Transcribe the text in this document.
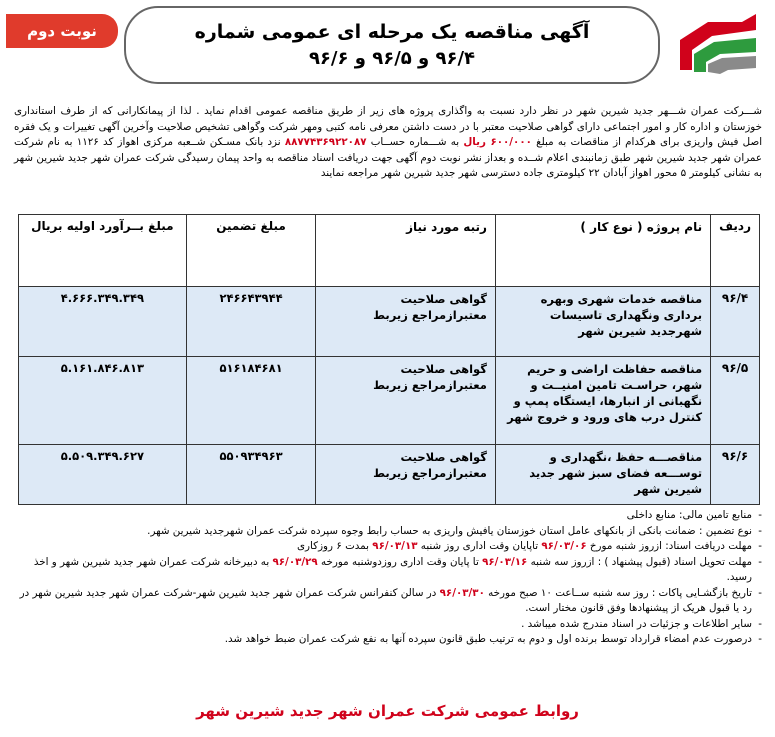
نوبت دوم	آگهی مناقصه یک مرحله ای عمومی شماره
۹۶/۴ و ۹۶/۵ و ۹۶/۶
شـــرکت عمران شـــهر جدید شیرین شهر در نظر دارد نسبت به واگذاری پروژه های زیر از طریق مناقصه عمومی اقدام نماید . لذا از پیمانکارانی که از طرف استانداری خوزستان و اداره کار و امور اجتماعی دارای گواهی صلاحیت معتبر با در دست داشتن معرفی نامه کتبی ومهر شرکت وگواهی تشخیص صلاحیت وآخرین آگهی تغییرات و یک فقره اصل فیش واریزی برای هرکدام از مناقصات به مبلغ ۶۰۰/۰۰۰ ریال به شـــماره حســاب ۸۸۷۷۴۳۶۹۲۲۰۸۷ نزد بانک مسـکن شــعبه مرکزی اهواز کد ۱۱۲۶ به نام شرکت عمران شهر جدید شیرین شهر طبق زمانبندی اعلام شــده و بعداز نشر نوبت دوم آگهی جهت دریافت اسناد مناقصه به واحد پیمان رسیدگی شرکت عمران شهر جدید شیرین شهر به نشانی کیلومتر ۵ محور اهواز آبادان ۲۲ کیلومتری جاده دسترسی شهر جدید شیرین شهر مراجعه نمایند
ردیف	نام پروژه ( نوع کار )	رتبه مورد نیاز	مبلغ تضمین	مبلغ بــرآورد اولیه بریال
۹۶/۴	مناقصه خدمات شهری وبهره برداری ونگهداری تاسیسات شهرجدید شیرین شهر	گواهی صلاحیت معتبرازمراجع زیربط	۲۴۶۶۴۳۹۴۴	۴.۶۶۶.۳۴۹.۳۴۹
۹۶/۵	مناقصه حفاظت اراضی و حریم شهر، حراسـت تامین امنیــت و نگهبانی از انبارها، ایستگاه پمپ و کنترل درب های ورود و خروج شهر	گواهی صلاحیت معتبرازمراجع زیربط	۵۱۶۱۸۴۶۸۱	۵.۱۶۱.۸۴۶.۸۱۳
۹۶/۶	مناقصـــه حفظ ،نگهداری و توســـعه فضای سبز شهر جدید شیرین شهر	گواهی صلاحیت معتبرازمراجع زیربط	۵۵۰۹۳۴۹۶۳	۵.۵۰۹.۳۴۹.۶۲۷
- منابع تامین مالی: منابع داخلی
- نوع تضمین : ضمانت بانکی از بانکهای عامل استان خوزستان یافیش واریزی به حساب رابط وجوه سپرده شرکت عمران شهرجدید شیرین شهر.
- مهلت دریافت اسناد: ازروز شنبه مورخ ۹۶/۰۳/۰۶ تاپایان وقت اداری روز شنبه ۹۶/۰۳/۱۳ بمدت ۶ روزکاری
- مهلت تحویل اسناد (قبول پیشنهاد ) : ازروز سه شنبه ۹۶/۰۳/۱۶ تا پایان وقت اداری روزدوشنبه مورخه ۹۶/۰۳/۲۹ به دبیرخانه شرکت عمران شهر جدید شیرین شهر و اخذ رسید.
- تاریخ بازگشـایی پاکات : روز سه شنبه ســاعت ۱۰ صبح مورخه ۹۶/۰۳/۳۰ در سالن کنفرانس شرکت عمران شهر جدید شیرین شهر-شرکت عمران شهر جدید شیرین شهر در رد یا قبول هریک از پیشنهادها وفق قانون مختار است.
- سایر اطلاعات و جزئیات در اسناد مندرج شده میباشد .
- درصورت عدم امضاء قرارداد توسط برنده اول و دوم به ترتیب طبق قانون سپرده آنها به نفع شرکت عمران ضبط خواهد شد.
روابط عمومی شرکت عمران شهر جدید شیرین شهر
